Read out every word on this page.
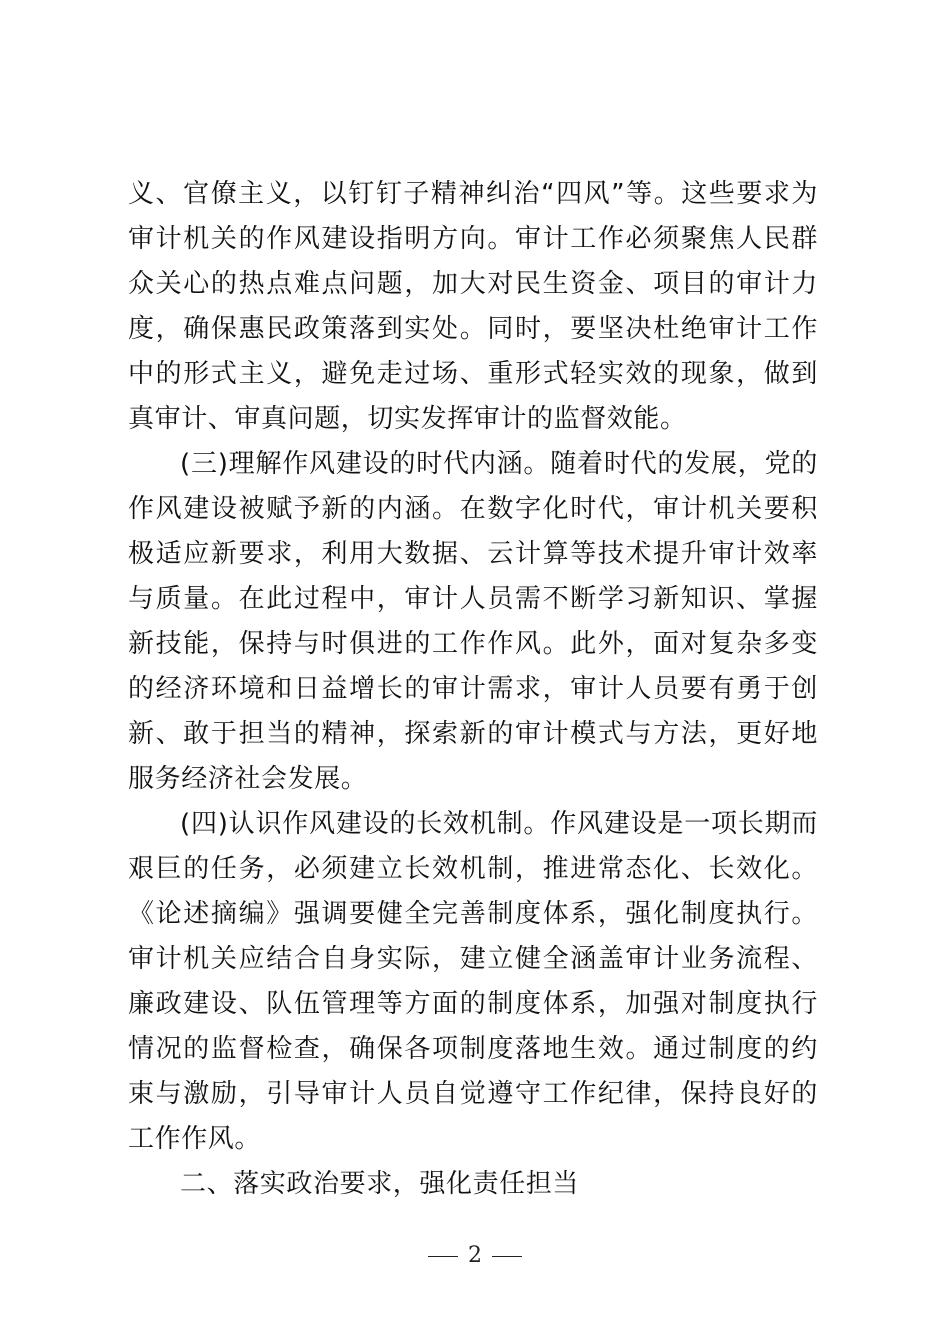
义、官僚主义，以钉钉子精神纠治“四风”等。这些要求为审计机关的作风建设指明方向。审计工作必须聚焦人民群众关心的热点难点问题，加大对民生资金、项目的审计力度，确保惠民政策落到实处。同时，要坚决杜绝审计工作中的形式主义，避免走过场、重形式轻实效的现象，做到真审计、审真问题，切实发挥审计的监督效能。

(三)理解作风建设的时代内涵。随着时代的发展，党的作风建设被赋予新的内涵。在数字化时代，审计机关要积极适应新要求，利用大数据、云计算等技术提升审计效率与质量。在此过程中，审计人员需不断学习新知识、掌握新技能，保持与时俱进的工作作风。此外，面对复杂多变的经济环境和日益增长的审计需求，审计人员要有勇于创新、敢于担当的精神，探索新的审计模式与方法，更好地服务经济社会发展。

(四)认识作风建设的长效机制。作风建设是一项长期而艰巨的任务，必须建立长效机制，推进常态化、长效化。《论述摘编》强调要健全完善制度体系，强化制度执行。审计机关应结合自身实际，建立健全涵盖审计业务流程、廉政建设、队伍管理等方面的制度体系，加强对制度执行情况的监督检查，确保各项制度落地生效。通过制度的约束与激励，引导审计人员自觉遵守工作纪律，保持良好的工作作风。

二、落实政治要求，强化责任担当

2
